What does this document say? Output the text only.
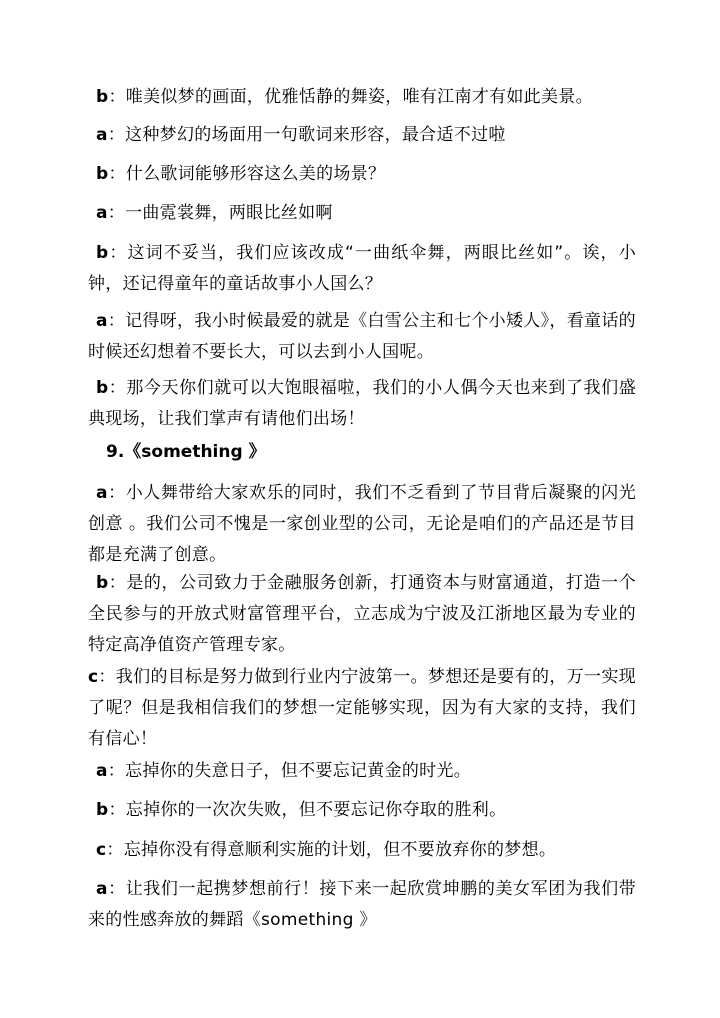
b：唯美似梦的画面，优雅恬静的舞姿，唯有江南才有如此美景。

a：这种梦幻的场面用一句歌词来形容，最合适不过啦

b：什么歌词能够形容这么美的场景？

a：一曲霓裳舞，两眼比丝如啊

b：这词不妥当，我们应该改成“一曲纸伞舞，两眼比丝如”。诶，小钟，还记得童年的童话故事小人国么？

a：记得呀，我小时候最爱的就是《白雪公主和七个小矮人》，看童话的时候还幻想着不要长大，可以去到小人国呢。

b：那今天你们就可以大饱眼福啦，我们的小人偶今天也来到了我们盛典现场，让我们掌声有请他们出场！

9.《something 》

a：小人舞带给大家欢乐的同时，我们不乏看到了节目背后凝聚的闪光创意 。我们公司不愧是一家创业型的公司，无论是咱们的产品还是节目都是充满了创意。

b：是的，公司致力于金融服务创新，打通资本与财富通道，打造一个全民参与的开放式财富管理平台，立志成为宁波及江浙地区最为专业的特定高净值资产管理专家。

c：我们的目标是努力做到行业内宁波第一。梦想还是要有的，万一实现了呢？但是我相信我们的梦想一定能够实现，因为有大家的支持，我们有信心！

a：忘掉你的失意日子，但不要忘记黄金的时光。

b：忘掉你的一次次失败，但不要忘记你夺取的胜利。

c：忘掉你没有得意顺利实施的计划，但不要放弃你的梦想。

a：让我们一起携梦想前行！接下来一起欣赏坤鹏的美女军团为我们带来的性感奔放的舞蹈《something 》
